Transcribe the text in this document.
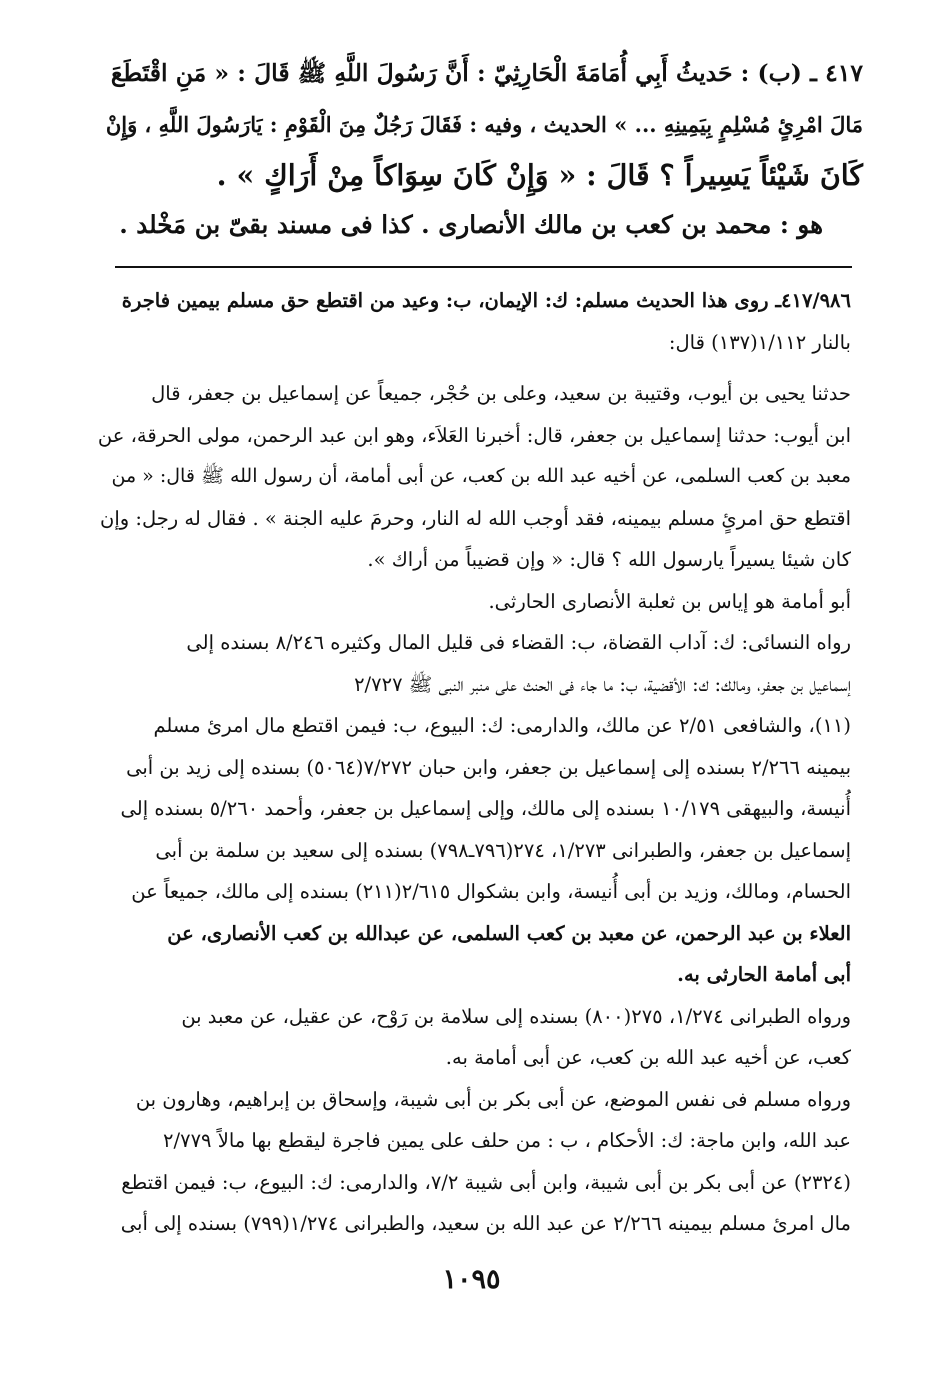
٤١٧ ـ (ب) : حَديثُ أَبِي أُمَامَةَ الْحَارِثِيّ : أَنَّ رَسُولَ اللَّهِ ﷺ قَالَ : « مَنِ اقْتَطَعَ
مَالَ امْرِئٍ مُسْلِمٍ بِيَمِينِهِ ... » الحديث ، وفيه : فَقَالَ رَجُلٌ مِنَ الْقَوْمِ : يَارَسُولَ اللَّهِ ، وَإِنْ
كَانَ شَيْئاً يَسِيراً ؟ قَالَ : « وَإِنْ كَانَ سِوَاكاً مِنْ أَرَاكٍ » .
هو : محمد بن كعب بن مالك الأنصارى . كذا فى مسند بقىّ بن مَخْلد .

٤١٧/٩٨٦ـ روى هذا الحديث مسلم: ك: الإيمان، ب: وعيد من اقتطع حق مسلم بيمين فاجرة
بالنار ١/١١٢(١٣٧) قال:

حدثنا يحيى بن أيوب، وقتيبة بن سعيد، وعلى بن حُجْر، جميعاً عن إسماعيل بن جعفر، قال
ابن أيوب: حدثنا إسماعيل بن جعفر، قال: أخبرنا العَلاَء، وهو ابن عبد الرحمن، مولى الحرقة، عن
معبد بن كعب السلمى، عن أخيه عبد الله بن كعب، عن أبى أمامة، أن رسول الله ﷺ قال: « من
اقتطع حق امرئٍ مسلم بيمينه، فقد أوجب الله له النار، وحرمَ عليه الجنة » . فقال له رجل: وإن
كان شيئا يسيراً يارسول الله ؟ قال: « وإن قضيباً من أراك ».

أبو أمامة هو إياس بن ثعلبة الأنصارى الحارثى.

رواه النسائى: ك: آداب القضاة، ب: القضاء فى قليل المال وكثيره ٨/٢٤٦ بسنده إلى
إسماعيل بن جعفر، ومالك: ك: الأقضية، ب: ما جاء فى الحنث على منبر النبى ﷺ ٢/٧٢٧
(١١)، والشافعى ٢/٥١ عن مالك، والدارمى: ك: البيوع، ب: فيمن اقتطع مال امرئ مسلم
بيمينه ٢/٢٦٦ بسنده إلى إسماعيل بن جعفر، وابن حبان ٧/٢٧٢(٥٠٦٤) بسنده إلى زيد بن أبى
أُنيسة، والبيهقى ١٠/١٧٩ بسنده إلى مالك، وإلى إسماعيل بن جعفر، وأحمد ٥/٢٦٠ بسنده إلى
إسماعيل بن جعفر، والطبرانى ١/٢٧٣، ٢٧٤(٧٩٦ـ٧٩٨) بسنده إلى سعيد بن سلمة بن أبى
الحسام، ومالك، وزيد بن أبى أُنيسة، وابن بشكوال ٢/٦١٥(٢١١) بسنده إلى مالك، جميعاً عن
العلاء بن عبد الرحمن، عن معبد بن كعب السلمى، عن عبدالله بن كعب الأنصارى، عن
أبى أمامة الحارثى به.

ورواه الطبرانى ١/٢٧٤، ٢٧٥(٨٠٠) بسنده إلى سلامة بن رَوْح، عن عقيل، عن معبد بن
كعب، عن أخيه عبد الله بن كعب، عن أبى أمامة به.

ورواه مسلم فى نفس الموضع، عن أبى بكر بن أبى شيبة، وإسحاق بن إبراهيم، وهارون بن
عبد الله، وابن ماجة: ك: الأحكام ، ب : من حلف على يمين فاجرة ليقطع بها مالاً ٢/٧٧٩
(٢٣٢٤) عن أبى بكر بن أبى شيبة، وابن أبى شيبة ٧/٢، والدارمى: ك: البيوع، ب: فيمن اقتطع
مال امرئ مسلم بيمينه ٢/٢٦٦ عن عبد الله بن سعيد، والطبرانى ١/٢٧٤(٧٩٩) بسنده إلى أبى

١٠٩٥
